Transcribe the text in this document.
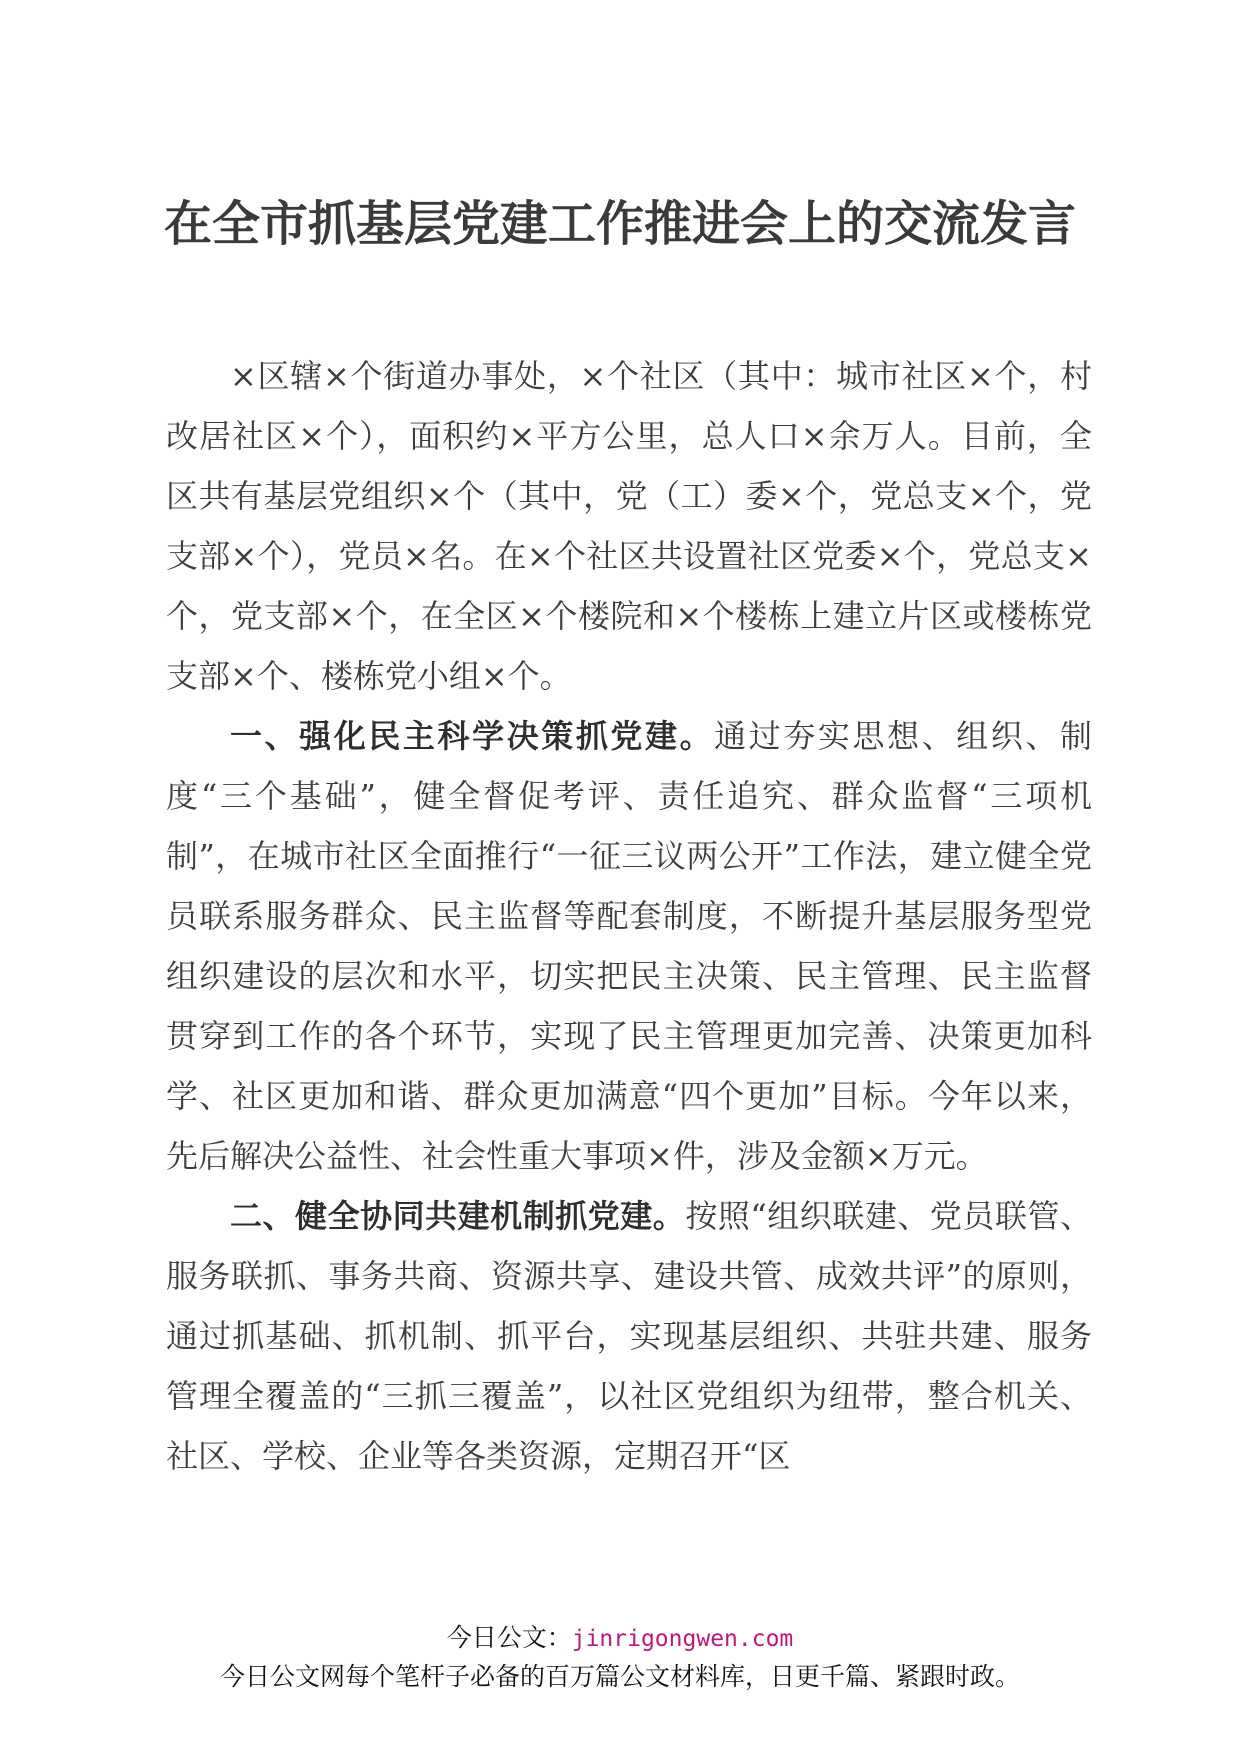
在全市抓基层党建工作推进会上的交流发言

×区辖×个街道办事处，×个社区（其中：城市社区×个，村改居社区×个），面积约×平方公里，总人口×余万人。目前，全区共有基层党组织×个（其中，党（工）委×个，党总支×个，党支部×个），党员×名。在×个社区共设置社区党委×个，党总支×个，党支部×个，在全区×个楼院和×个楼栋上建立片区或楼栋党支部×个、楼栋党小组×个。

一、强化民主科学决策抓党建。通过夯实思想、组织、制度“三个基础”，健全督促考评、责任追究、群众监督“三项机制”，在城市社区全面推行“一征三议两公开”工作法，建立健全党员联系服务群众、民主监督等配套制度，不断提升基层服务型党组织建设的层次和水平，切实把民主决策、民主管理、民主监督贯穿到工作的各个环节，实现了民主管理更加完善、决策更加科学、社区更加和谐、群众更加满意“四个更加”目标。今年以来，先后解决公益性、社会性重大事项×件，涉及金额×万元。

二、健全协同共建机制抓党建。按照“组织联建、党员联管、服务联抓、事务共商、资源共享、建设共管、成效共评”的原则，通过抓基础、抓机制、抓平台，实现基层组织、共驻共建、服务管理全覆盖的“三抓三覆盖”，以社区党组织为纽带，整合机关、社区、学校、企业等各类资源，定期召开“区

今日公文：jinrigongwen.com
今日公文网每个笔杆子必备的百万篇公文材料库，日更千篇、紧跟时政。
